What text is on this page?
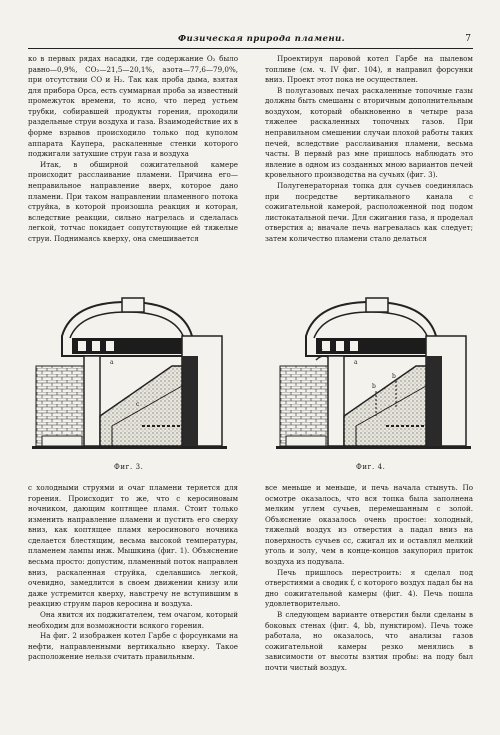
Физическая природа пламени.	7

ко в первых рядах насадки, где содержание O₂ было равно—0,9%, CO₂—21,5—20,1%, азота—77,6—79,0%, при отсутствии CO и H₂. Так как проба дыма, взятая для прибора Орса, есть суммарная проба за известный промежуток времени, то ясно, что перед устьем трубки, собиравшей продукты горения, проходили раздельные струи воздуха и газа. Взаимодействие их в форме взрывов происходило только под куполом аппарата Каупера, раскаленные стенки которого поджигали затухшие струи газа и воздуха

Итак, в обширной сожигательной камере происходит расслаивание пламени. Причина его—неправильное направление вверх, которое дано пламени. При таком направлении пламенного потока струйка, в которой произошла реакция и которая, вследствие реакции, сильно нагрелась и сделалась легкой, тотчас покидает сопутствующие ей тяжелые струи. Поднимаясь кверху, она смешивается

Проектируя паровой котел Гарбе на пылевом топливе (см. ч. IV фиг. 104), я направил форсунки вниз. Проект этот пока не осуществлен.

В полугазовых печах раскаленные топочные газы должны быть смешаны с вторичным дополнительным воздухом, который обыкновенно в четыре раза тяжелее раскаленных топочных газов. При неправильном смешении случаи плохой работы таких печей, вследствие расслаивания пламени, весьма часты. В первый раз мне пришлось наблюдать это явление в одном из созданных мною вариантов печей кровельного производства на сучьях (фиг. 3).

Полугенераторная топка для сучьев соединялась при посредстве вертикального канала с сожигательной камерой, расположенной под подом листокатальной печи. Для сжигания газа, я проделал отверстия a; вначале печь нагревалась как следует; затем количество пламени стало делаться

a
c
Фиг. 3.
a
f
b
b
Фиг. 4.

с холодными струями и очаг пламени теряется для горения. Происходит то же, что с керосиновым ночником, дающим коптящее пламя. Стоит только изменить направление пламени и пустить его сверху вниз, как коптящее пламя керосинового ночника сделается блестящим, весьма высокой температуры, пламенем лампы инж. Мышкина (фиг. 1). Объяснение весьма просто: допустим, пламенный поток направлен вниз, раскаленная струйка, сделавшись легкой, очевидно, замедлится в своем движении книзу или даже устремится кверху, навстречу не вступившим в реакцию струям паров керосина и воздуха.

Она явится их поджигателем, тем очагом, который необходим для возможности всякого горения.

На фиг. 2 изображен котел Гарбе с форсунками на нефти, направленными вертикально кверху. Такое расположение нельзя считать правильным.

все меньше и меньше, и печь начала стынуть. По осмотре оказалось, что вся топка была заполнена мелким углем сучьев, перемешанным с золой. Объяснение оказалось очень простое: холодный, тяжелый воздух из отверстия a падал вниз на поверхность сучьев cc, сжигал их и оставлял мелкий уголь и золу, чем в конце-концов закупорил приток воздуха из подувала.

Печь пришлось перестроить: я сделал под отверстиями a сводик f, с которого воздух падал бы на дно сожигательной камеры (фиг. 4). Печь пошла удовлетворительно.

В следующем варианте отверстия были сделаны в боковых стенах (фиг. 4, bb, пунктиром). Печь тоже работала, но оказалось, что анализы газов сожигательной камеры резко менялись в зависимости от высоты взятия пробы: на поду был почти чистый воздух.
